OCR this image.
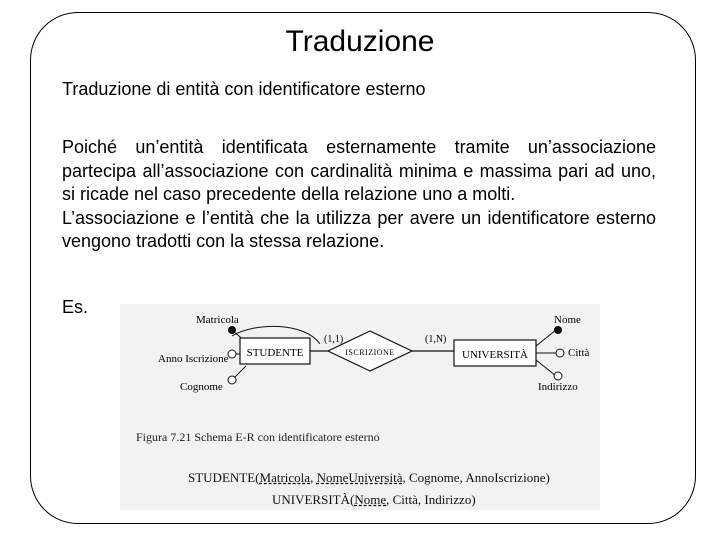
Traduzione
Traduzione di entità con identificatore esterno

Poiché un’entità identificata esternamente tramite un’associazione partecipa all’associazione con cardinalità minima e massima pari ad uno, si ricade nel caso precedente della relazione uno a molti.

L’associazione e l’entità che la utilizza per avere un identificatore esterno vengono tradotti con la stessa relazione.

Es.
Matricola
Anno Iscrizione
Cognome
STUDENTE
(1,1)	(1,N)
ISCRIZIONE	UNIVERSITÀ
Nome
Città
Indirizzo
Figura 7.21 Schema E-R con identificatore esterno
STUDENTE(Matricola, NomeUniversità, Cognome, AnnoIscrizione)
UNIVERSITÀ(Nome, Città, Indirizzo)
